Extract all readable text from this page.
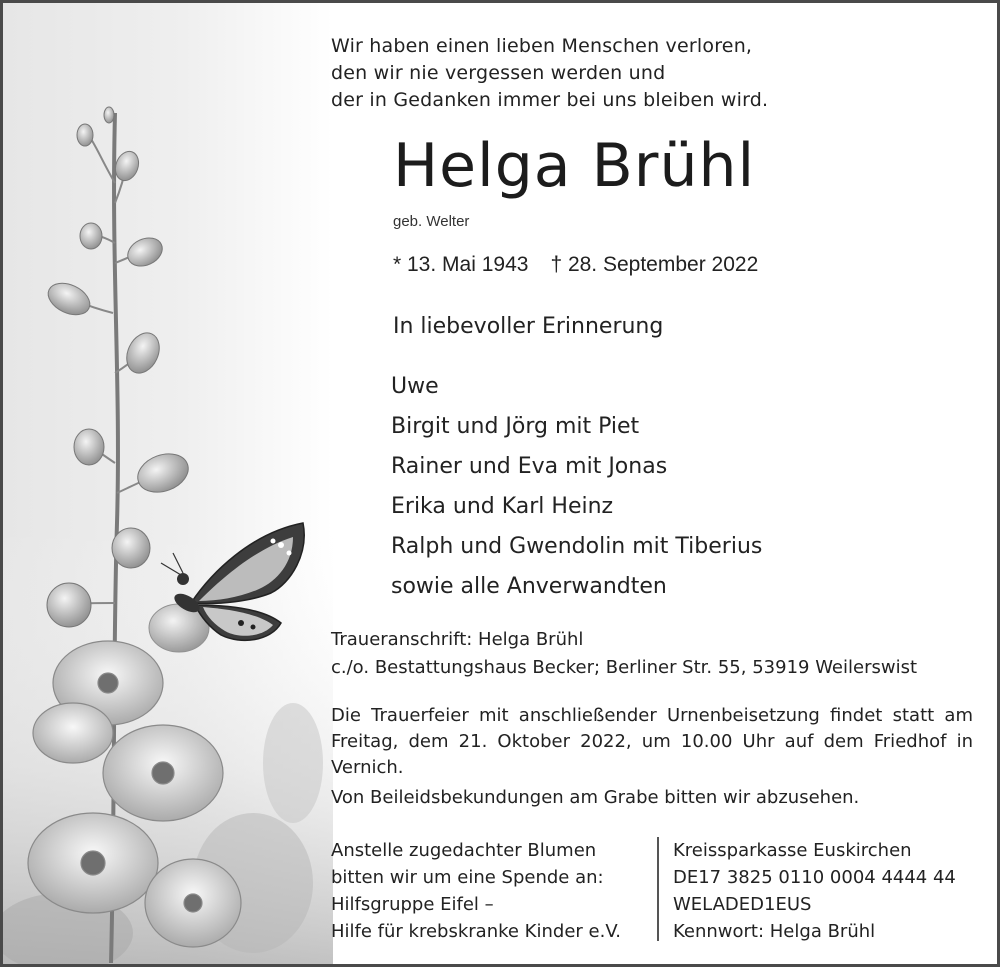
Wir haben einen lieben Menschen verloren,
den wir nie vergessen werden und
der in Gedanken immer bei uns bleiben wird.
Helga Brühl
geb. Welter
* 13. Mai 1943 † 28. September 2022
In liebevoller Erinnerung
Uwe
Birgit und Jörg mit Piet
Rainer und Eva mit Jonas
Erika und Karl Heinz
Ralph und Gwendolin mit Tiberius
sowie alle Anverwandten
Traueranschrift: Helga Brühl
c./o. Bestattungshaus Becker; Berliner Str. 55, 53919 Weilerswist
Die Trauerfeier mit anschließender Urnenbeisetzung findet statt am Freitag, dem 21. Oktober 2022, um 10.00 Uhr auf dem Friedhof in Vernich.
Von Beileidsbekundungen am Grabe bitten wir abzusehen.
Anstelle zugedachter Blumen
bitten wir um eine Spende an:
Hilfsgruppe Eifel –
Hilfe für krebskranke Kinder e.V.
Kreissparkasse Euskirchen
DE17 3825 0110 0004 4444 44
WELADED1EUS
Kennwort: Helga Brühl
